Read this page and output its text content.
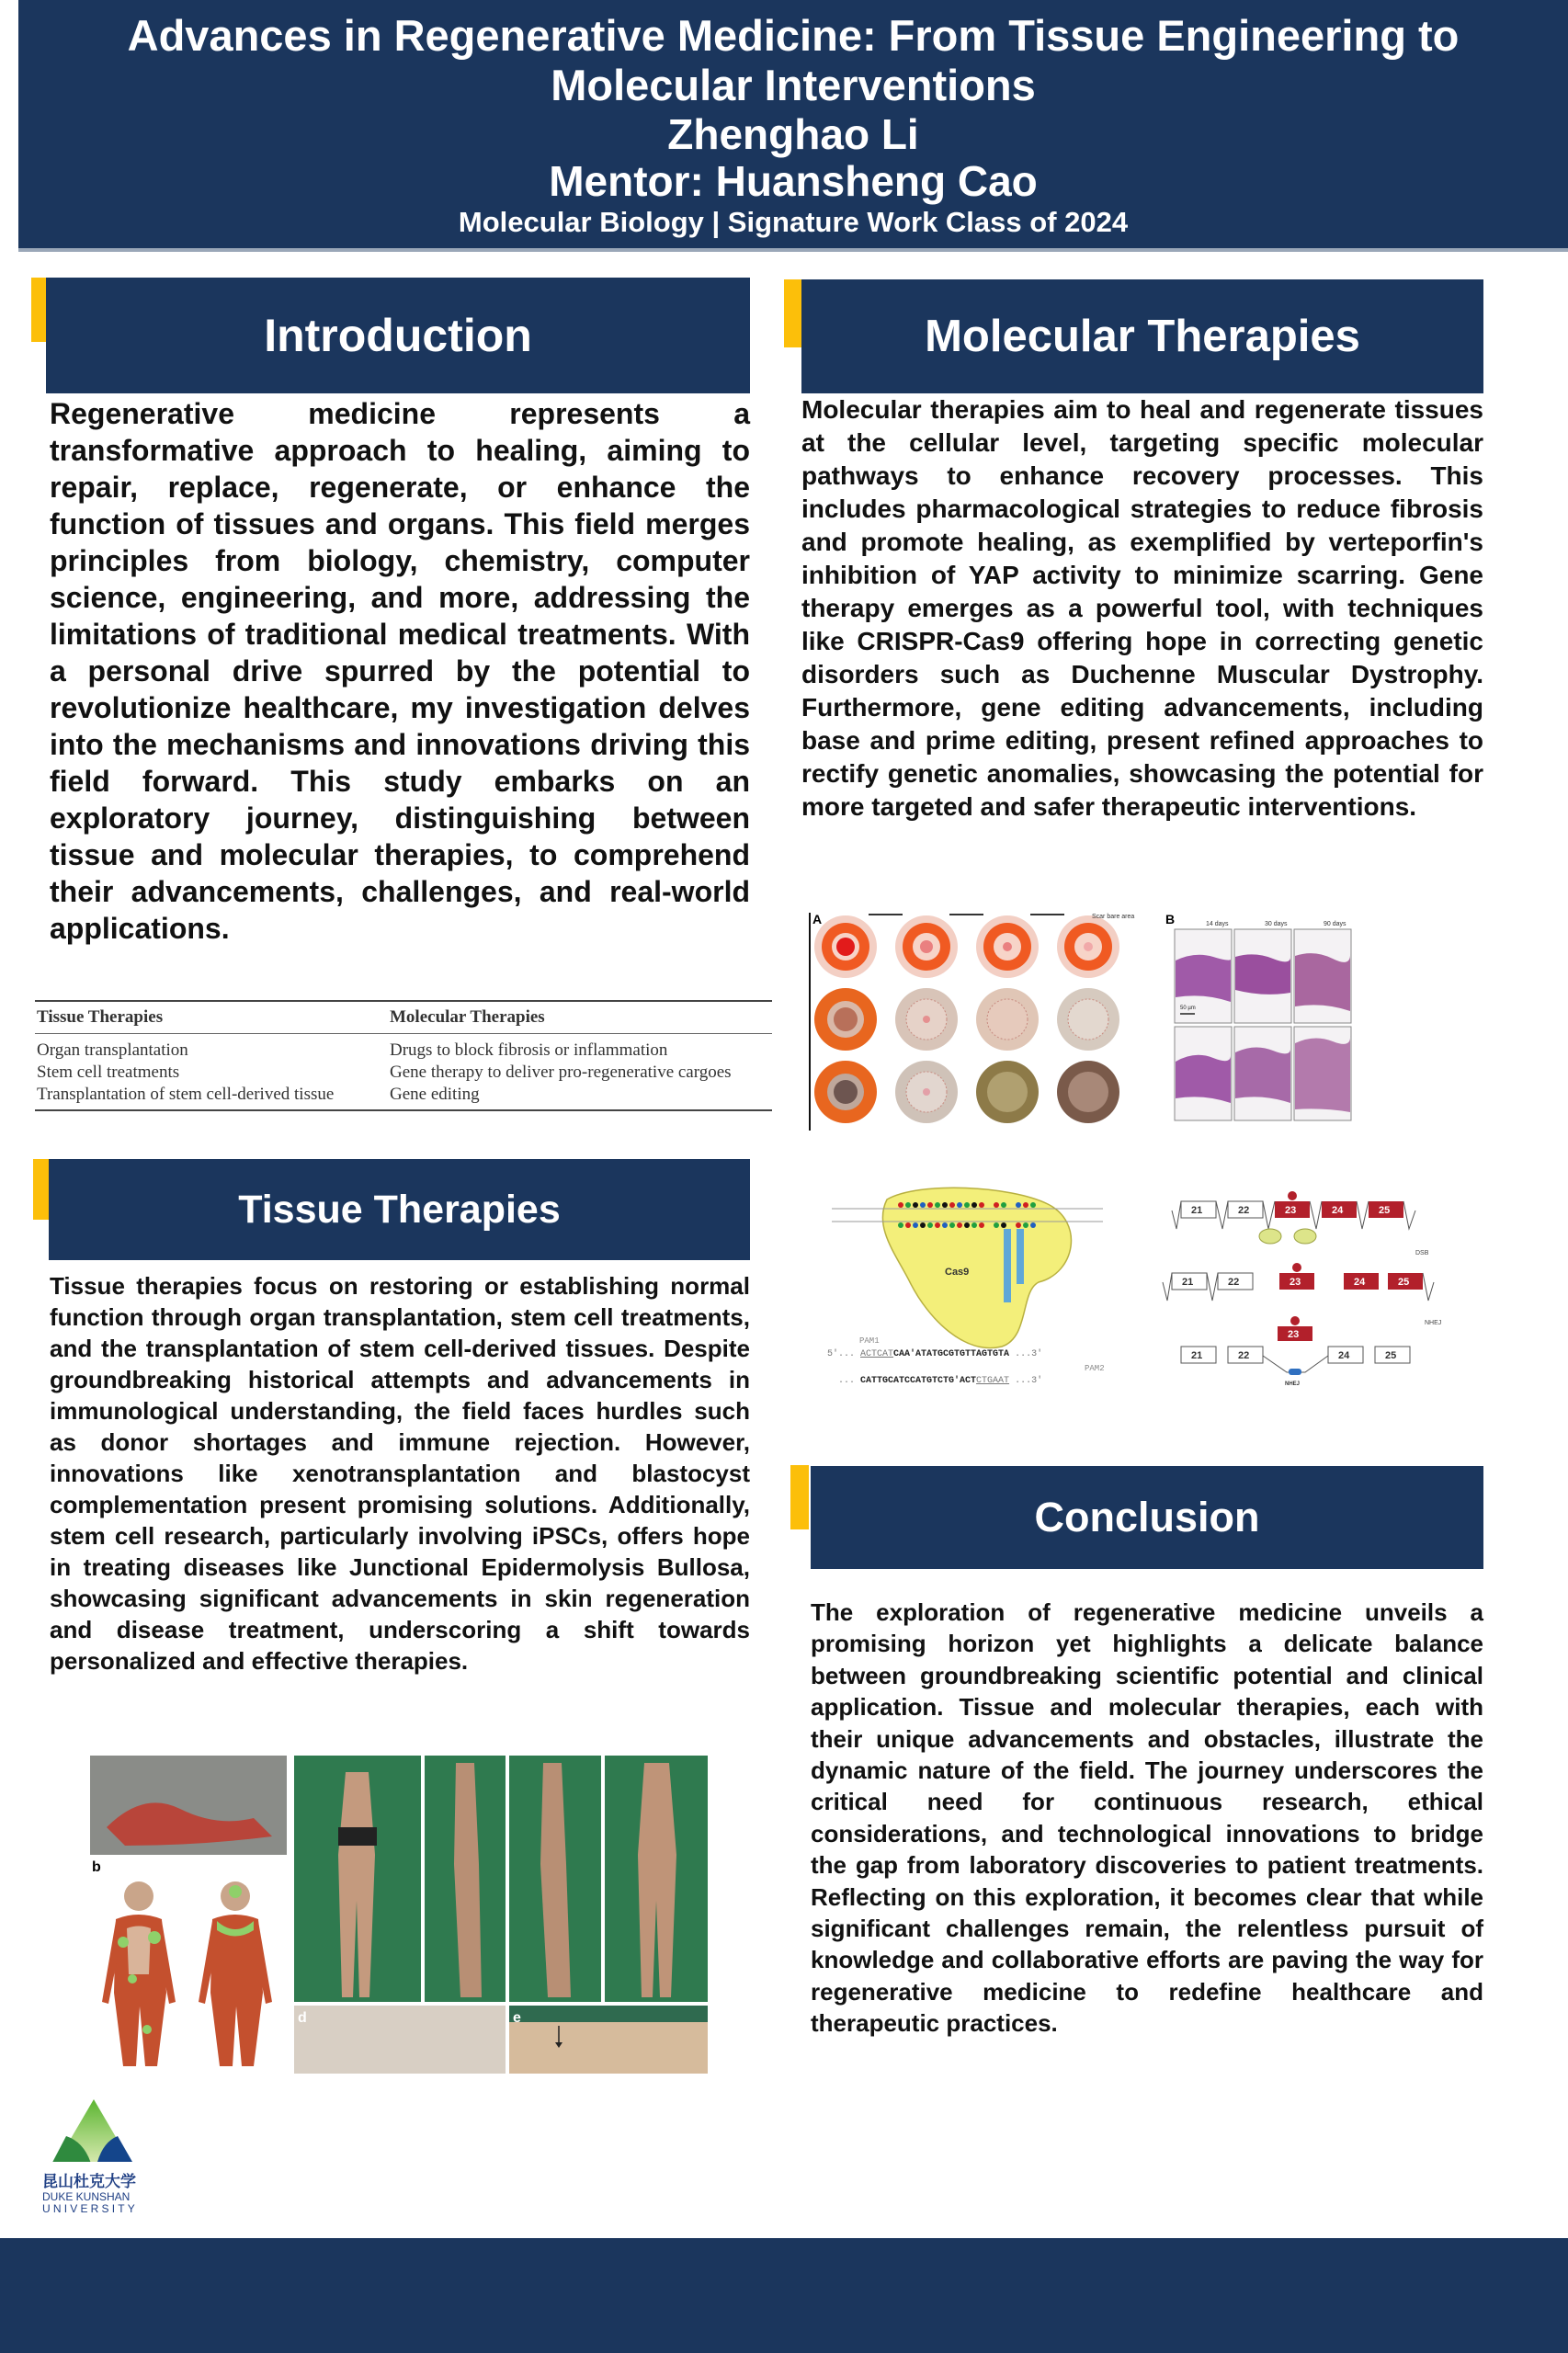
Advances in Regenerative Medicine: From Tissue Engineering to Molecular Interventions
Zhenghao Li
Mentor: Huansheng Cao
Molecular Biology | Signature Work Class of 2024
Introduction
Regenerative medicine represents a transformative approach to healing, aiming to repair, replace, regenerate, or enhance the function of tissues and organs. This field merges principles from biology, chemistry, computer science, engineering, and more, addressing the limitations of traditional medical treatments. With a personal drive spurred by the potential to revolutionize healthcare, my investigation delves into the mechanisms and innovations driving this field forward. This study embarks on an exploratory journey, distinguishing between tissue and molecular therapies, to comprehend their advancements, challenges, and real-world applications.
Tissue Therapies	Molecular Therapies
Organ transplantation	Drugs to block fibrosis or inflammation
Stem cell treatments	Gene therapy to deliver pro-regenerative cargoes
Transplantation of stem cell-derived tissue	Gene editing
Molecular Therapies
Molecular therapies aim to heal and regenerate tissues at the cellular level, targeting specific molecular pathways to enhance recovery processes. This includes pharmacological strategies to reduce fibrosis and promote healing, as exemplified by verteporfin's inhibition of YAP activity to minimize scarring. Gene therapy emerges as a powerful tool, with techniques like CRISPR-Cas9 offering hope in correcting genetic disorders such as Duchenne Muscular Dystrophy. Furthermore, gene editing advancements, including base and prime editing, present refined approaches to rectify genetic anomalies, showcasing the potential for more targeted and safer therapeutic interventions.
A	Scar bare area B	14 days	30 days	90 days
50 µm
Cas9
PAM1
5'... ACTCATCAA'ATATGCGTGTTAGTGTA ...3'
PAM2
... CATTGCATCCATGTCTG'ACTCTGAAT ...3'
21	22	23	24	25
DSB
21	22	23	24	25
NHEJ
23
21	22	24	25
NHEJ
Tissue Therapies
Tissue therapies focus on restoring or establishing normal function through organ transplantation, stem cell treatments, and the transplantation of stem cell-derived tissues. Despite groundbreaking historical attempts and advancements in immunological understanding, the field faces hurdles such as donor shortages and immune rejection. However, innovations like xenotransplantation and blastocyst complementation present promising solutions. Additionally, stem cell research, particularly involving iPSCs, offers hope in treating diseases like Junctional Epidermolysis Bullosa, showcasing significant advancements in skin regeneration and disease treatment, underscoring a shift towards personalized and effective therapies.
b
d	e
Conclusion
The exploration of regenerative medicine unveils a promising horizon yet highlights a delicate balance between groundbreaking scientific potential and clinical application. Tissue and molecular therapies, each with their unique advancements and obstacles, illustrate the dynamic nature of the field. The journey underscores the critical need for continuous research, ethical considerations, and technological innovations to bridge the gap from laboratory discoveries to patient treatments. Reflecting on this exploration, it becomes clear that while significant challenges remain, the relentless pursuit of knowledge and collaborative efforts are paving the way for regenerative medicine to redefine healthcare and therapeutic practices.
昆山杜克大学
DUKE KUNSHAN
UNIVERSITY
